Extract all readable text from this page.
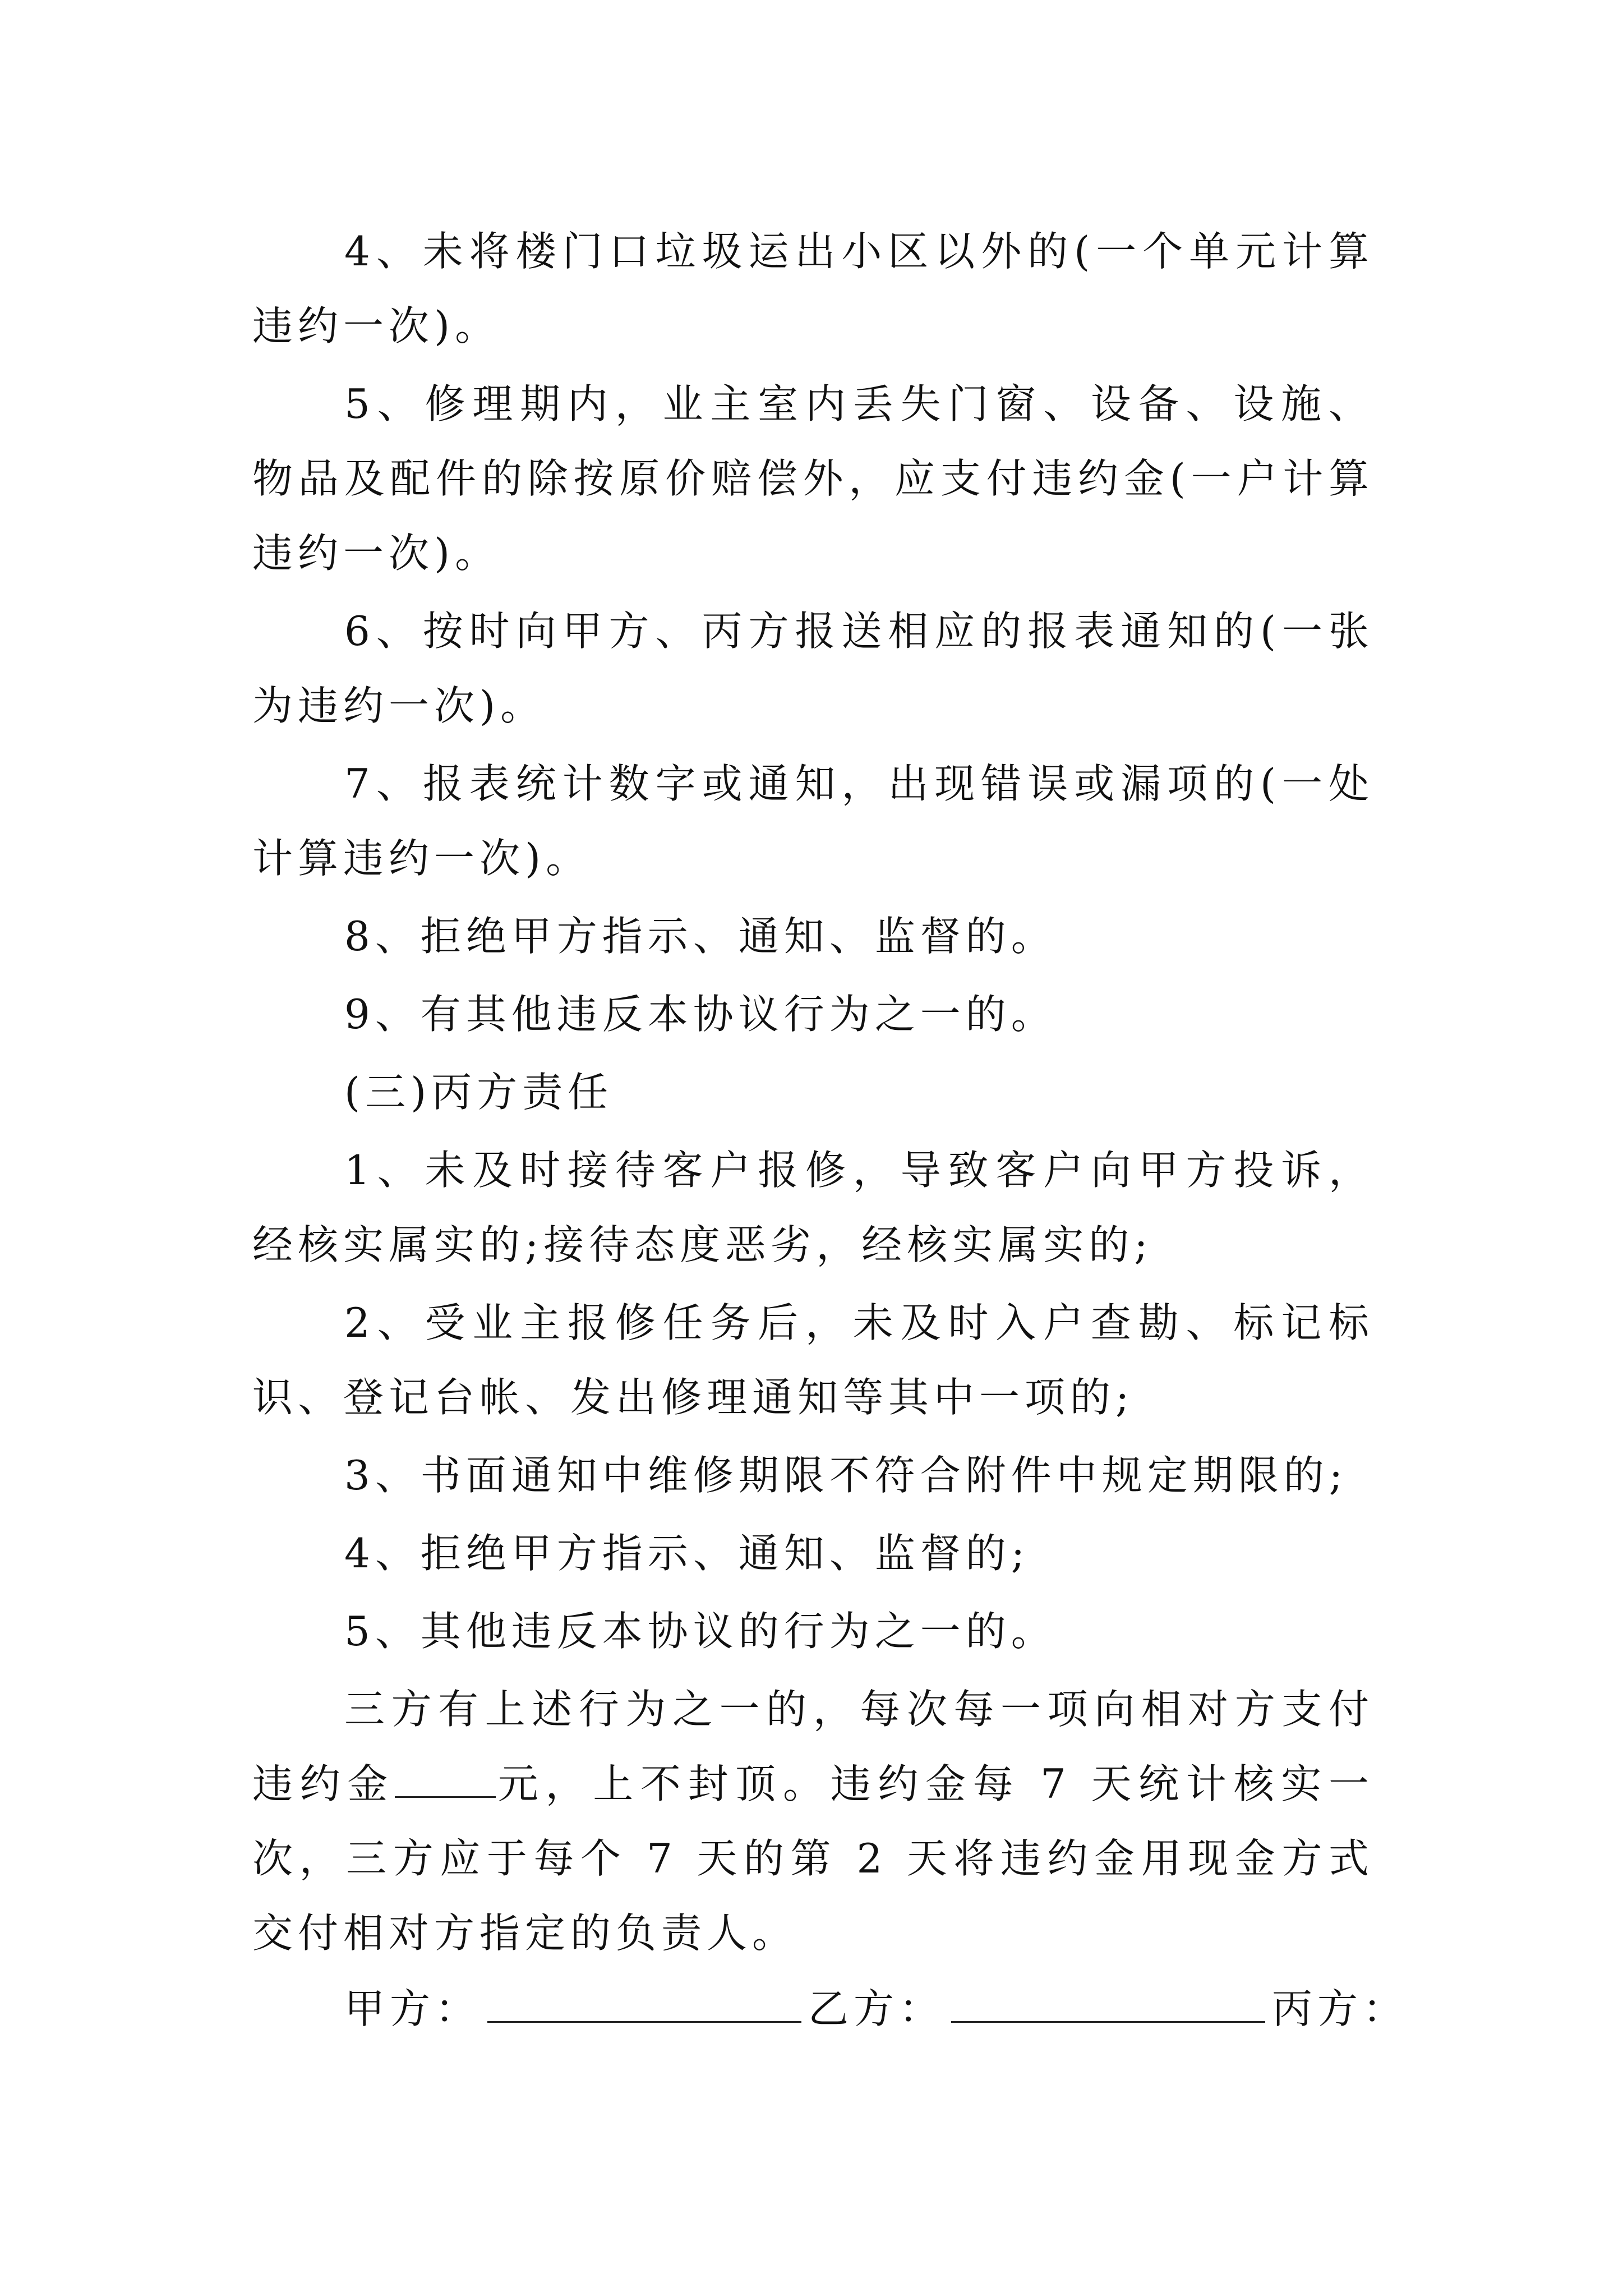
4、未将楼门口垃圾运出小区以外的(一个单元计算违约一次)。

5、修理期内，业主室内丢失门窗、设备、设施、物品及配件的除按原价赔偿外，应支付违约金(一户计算违约一次)。

6、按时向甲方、丙方报送相应的报表通知的(一张为违约一次)。

7、报表统计数字或通知，出现错误或漏项的(一处计算违约一次)。

8、拒绝甲方指示、通知、监督的。

9、有其他违反本协议行为之一的。

(三)丙方责任

1、未及时接待客户报修，导致客户向甲方投诉，经核实属实的;接待态度恶劣，经核实属实的;

2、受业主报修任务后，未及时入户查勘、标记标识、登记台帐、发出修理通知等其中一项的;

3、书面通知中维修期限不符合附件中规定期限的;

4、拒绝甲方指示、通知、监督的;

5、其他违反本协议的行为之一的。

三方有上述行为之一的，每次每一项向相对方支付违约金	元，上不封顶。违约金每 7 天统计核实一次，三方应于每个 7 天的第 2 天将违约金用现金方式交付相对方指定的负责人。

甲方：	乙方：	丙方：
